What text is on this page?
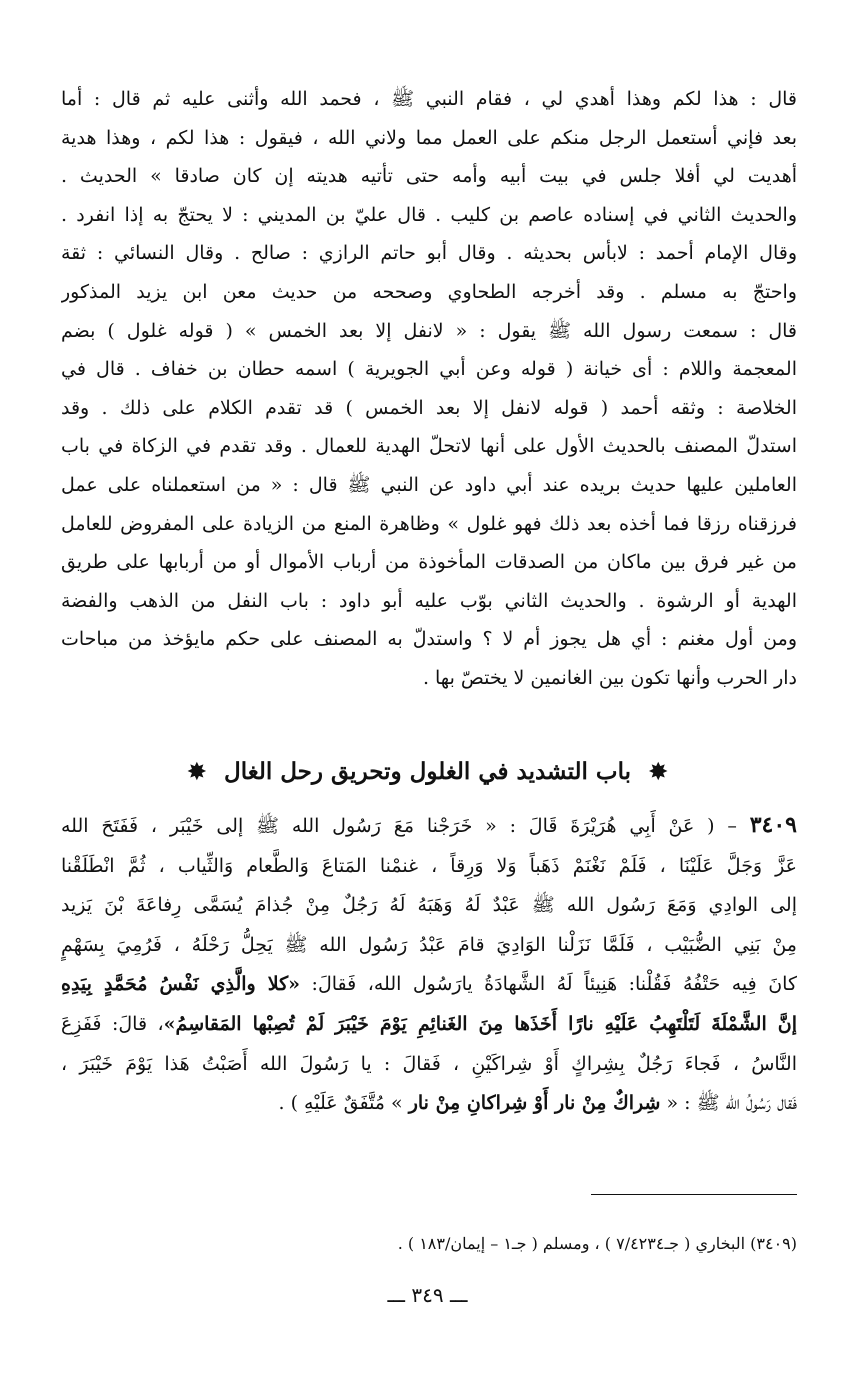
قال : هذا لكم وهذا أهدي لي ، فقام النبي ﷺ ، فحمد الله وأثنى عليه ثم قال : أما
بعد فإني أستعمل الرجل منكم على العمل مما ولاني الله ، فيقول : هذا لكم ، وهذا هدية
أهديت لي أفلا جلس في بيت أبيه وأمه حتى تأتيه هديته إن كان صادقا » الحديث .
والحديث الثاني في إسناده عاصم بن كليب . قال عليّ بن المديني : لا يحتجّ به إذا انفرد .
وقال الإمام أحمد : لابأس بحديثه . وقال أبو حاتم الرازي : صالح . وقال النسائي : ثقة
واحتجّ به مسلم . وقد أخرجه الطحاوي وصححه من حديث معن ابن يزيد المذكور
قال : سمعت رسول الله ﷺ يقول : « لانفل إلا بعد الخمس » ( قوله غلول ) بضم
المعجمة واللام : أى خيانة ( قوله وعن أبي الجويرية ) اسمه حطان بن خفاف . قال في
الخلاصة : وثقه أحمد ( قوله لانفل إلا بعد الخمس ) قد تقدم الكلام على ذلك . وقد
استدلّ المصنف بالحديث الأول على أنها لاتحلّ الهدية للعمال . وقد تقدم في الزكاة في باب
العاملين عليها حديث بريده عند أبي داود عن النبي ﷺ قال : « من استعملناه على عمل
فرزقناه رزقا فما أخذه بعد ذلك فهو غلول » وظاهرة المنع من الزيادة على المفروض للعامل
من غير فرق بين ماكان من الصدقات المأخوذة من أرباب الأموال أو من أربابها على طريق
الهدية أو الرشوة . والحديث الثاني بوّب عليه أبو داود : باب النفل من الذهب والفضة
ومن أول مغنم : أي هل يجوز أم لا ؟ واستدلّ به المصنف على حكم مايؤخذ من مباحات
دار الحرب وأنها تكون بين الغانمين لا يختصّ بها .
✸ باب التشديد في الغلول وتحريق رحل الغال ✸
٣٤٠٩ – ( عَنْ أَبِي هُرَيْرَةَ قَالَ : « خَرَجْنا مَعَ رَسُول الله ﷺ إلى خَيْبَر ، فَفَتَحَ الله
عَزَّ وَجَلَّ عَلَيْنَا ، فَلَمْ نَغْنَمْ ذَهَباً وَلا وَرِقاً ، غنمْنا المَتاعَ وَالطَّعام وَالثِّياب ، ثُمَّ انْطَلَقْنا
إلى الوادِي وَمَعَ رَسُول الله ﷺ عَبْدٌ لَهُ وَهَبَهُ لَهُ رَجُلٌ مِنْ جُذامَ يُسَمَّى رِفاعَةَ بْنَ يَزيد
مِنْ بَنِي الضُّبَيْب ، فَلَمَّا نَزَلْنا الوَادِيَ قامَ عَبْدُ رَسُول الله ﷺ يَحِلُّ رَحْلَهُ ، فَرُمِيَ بِسَهْمٍ
كانَ فِيه حَتْفُهُ فَقُلْنا: هَنِيئاً لَهُ الشَّهادَةُ يارَسُول الله، فَقالَ: «كلا والَّذِي نَفْسُ مُحَمَّدٍ بِيَدِهِ
إنَّ الشَّمْلَةَ لَتَلْتَهِبُ عَلَيْهِ نارًا أَخَذَها مِنَ الغَنائِمِ يَوْمَ خَيْبَرَ لَمْ تُصِبْها المَقاسِمُ»، قالَ: فَفَزِعَ
النَّاسُ ، فَجاءَ رَجُلٌ بِشِراكٍ أَوْ شِراكَيْنِ ، فَقالَ : يا رَسُولَ الله أَصَبْتُ هَذا يَوْمَ خَيْبَرَ ،
فَقال رَسُولُ الله ﷺ : « شِراكٌ مِنْ نار أَوْ شِراكانِ مِنْ نار » مُتَّفَقٌ عَلَيْهِ ) .
(٣٤٠٩) البخاري ( جـ٧/٤٢٣٤ ) ، ومسلم ( جـ١ – إيمان/١٨٣ ) .
ـــ ٣٤٩ ـــ
